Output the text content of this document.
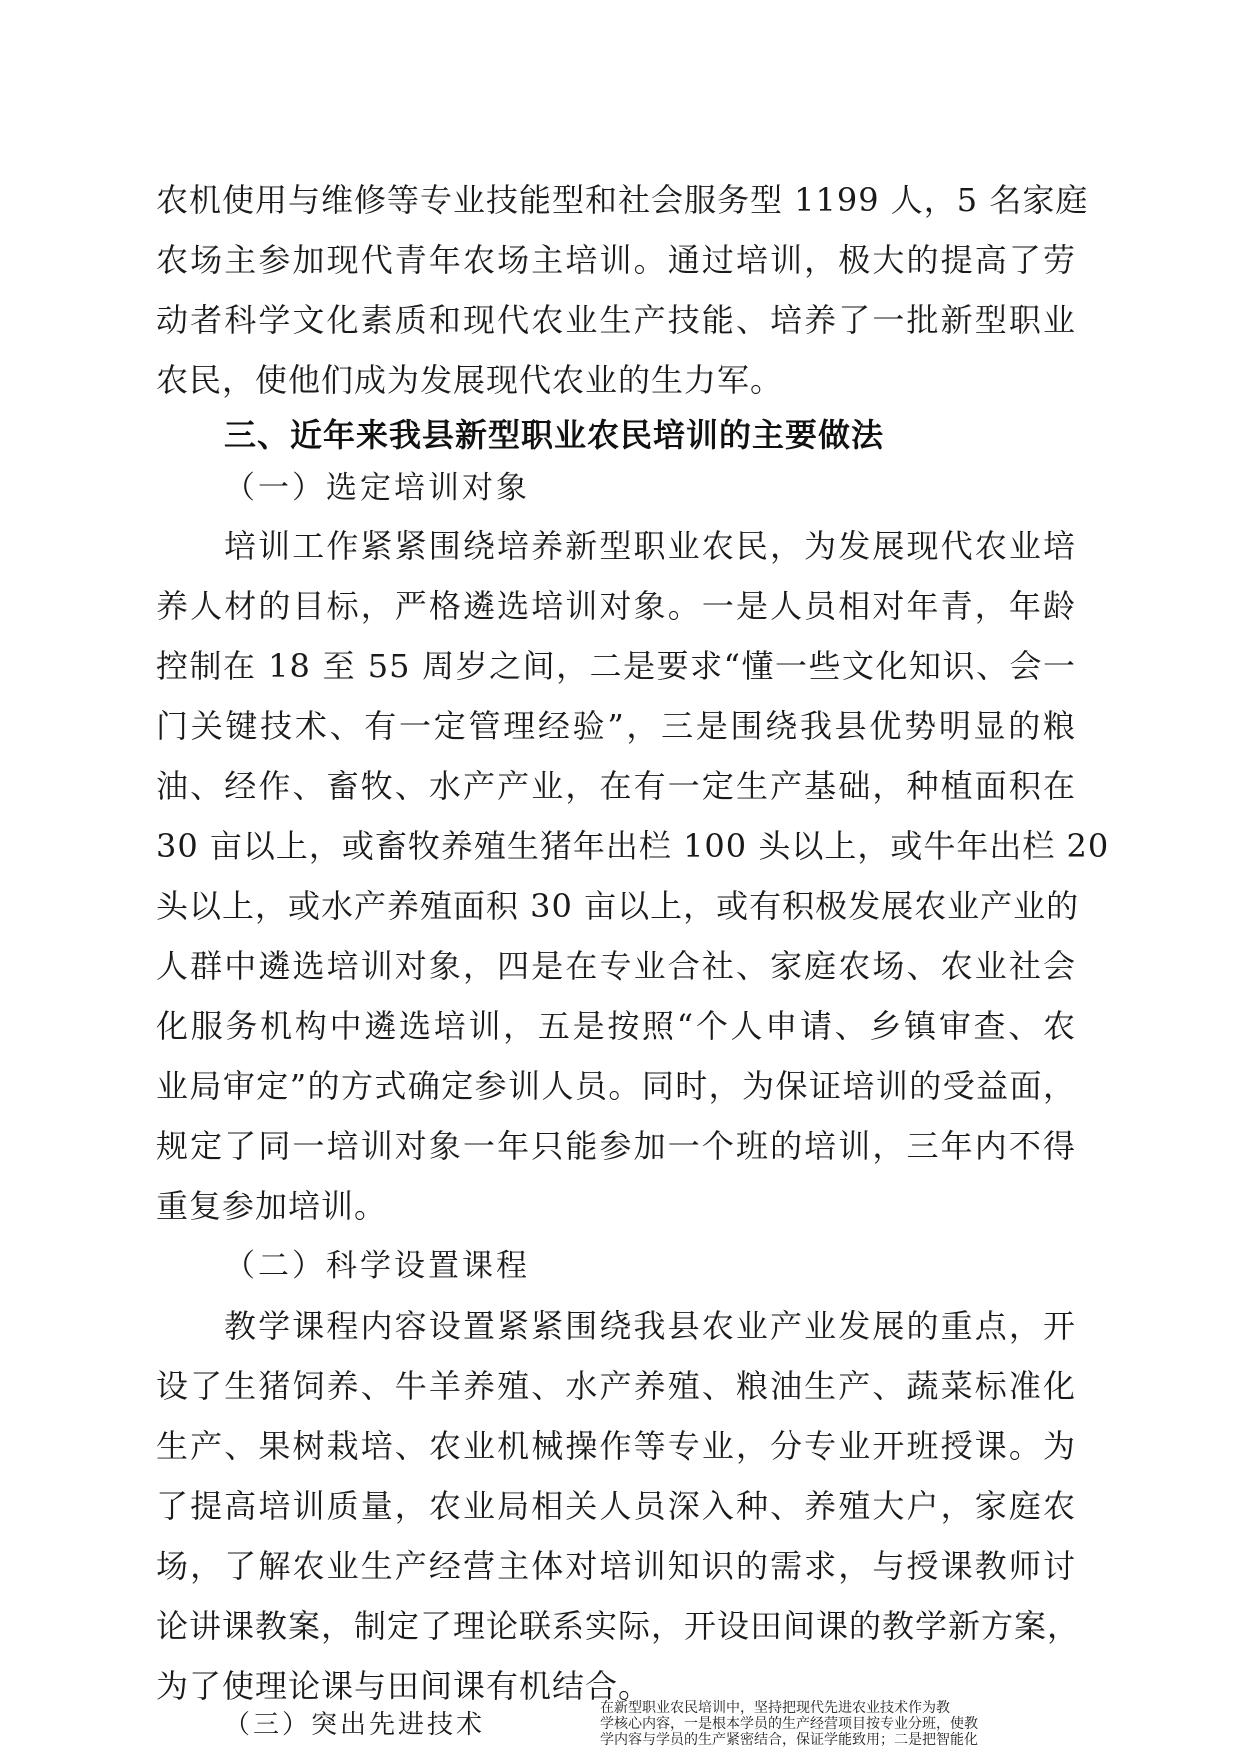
农机使用与维修等专业技能型和社会服务型 1199 人，5 名家庭
农场主参加现代青年农场主培训。通过培训，极大的提高了劳
动者科学文化素质和现代农业生产技能、培养了一批新型职业
农民，使他们成为发展现代农业的生力军。
三、近年来我县新型职业农民培训的主要做法
（一）选定培训对象
培训工作紧紧围绕培养新型职业农民，为发展现代农业培
养人材的目标，严格遴选培训对象。一是人员相对年青，年龄
控制在 18 至 55 周岁之间，二是要求“懂一些文化知识、会一
门关键技术、有一定管理经验”，三是围绕我县优势明显的粮
油、经作、畜牧、水产产业，在有一定生产基础，种植面积在
30 亩以上，或畜牧养殖生猪年出栏 100 头以上，或牛年出栏 20
头以上，或水产养殖面积 30 亩以上，或有积极发展农业产业的
人群中遴选培训对象，四是在专业合社、家庭农场、农业社会
化服务机构中遴选培训，五是按照“个人申请、乡镇审查、农
业局审定”的方式确定参训人员。同时，为保证培训的受益面，
规定了同一培训对象一年只能参加一个班的培训，三年内不得
重复参加培训。
（二）科学设置课程
教学课程内容设置紧紧围绕我县农业产业发展的重点，开
设了生猪饲养、牛羊养殖、水产养殖、粮油生产、蔬菜标准化
生产、果树栽培、农业机械操作等专业，分专业开班授课。为
了提高培训质量，农业局相关人员深入种、养殖大户，家庭农
场，了解农业生产经营主体对培训知识的需求，与授课教师讨
论讲课教案，制定了理论联系实际，开设田间课的教学新方案，
为了使理论课与田间课有机结合。
（三）突出先进技术
在新型职业农民培训中，坚持把现代先进农业技术作为教
学核心内容，一是根本学员的生产经营项目按专业分班，使教
学内容与学员的生产紧密结合，保证学能致用；二是把智能化
